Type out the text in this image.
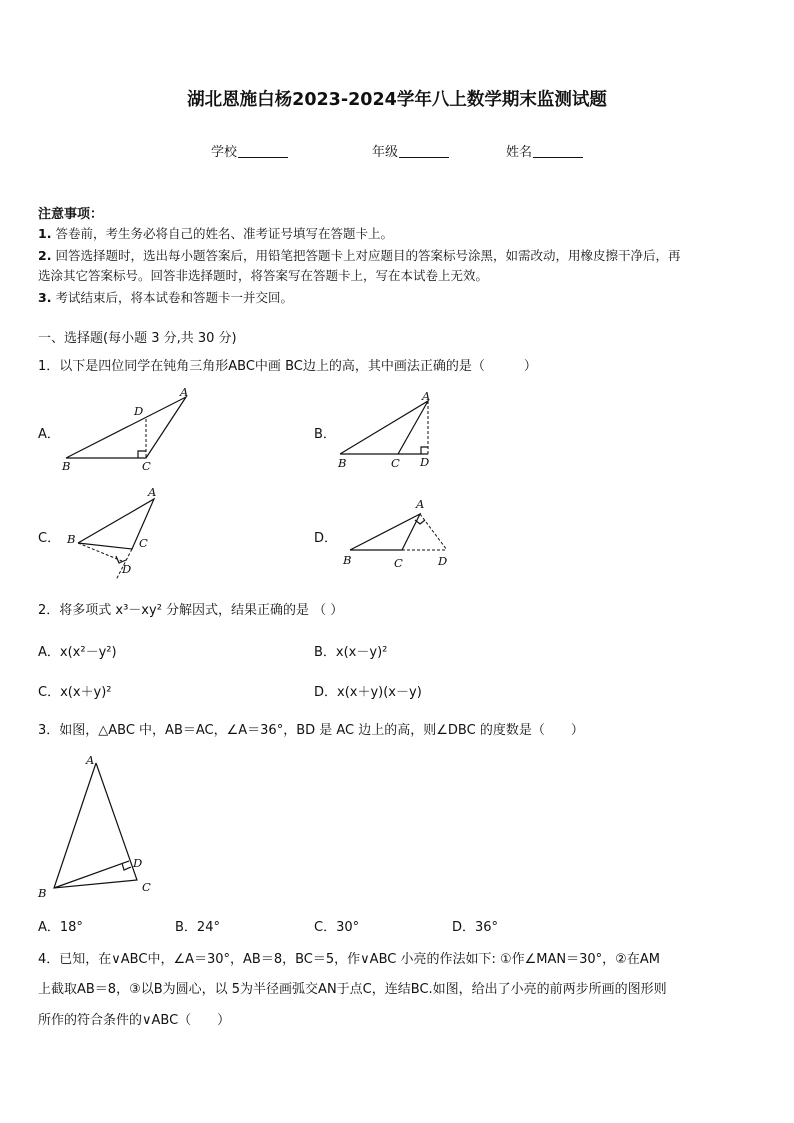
湖北恩施白杨2023-2024学年八上数学期末监测试题
学校	年级	姓名
注意事项：
1. 答卷前，考生务必将自己的姓名、准考证号填写在答题卡上。
2. 回答选择题时，选出每小题答案后，用铅笔把答题卡上对应题目的答案标号涂黑，如需改动，用橡皮擦干净后，再
选涂其它答案标号。回答非选择题时，将答案写在答题卡上，写在本试卷上无效。
3. 考试结束后，将本试卷和答题卡一并交回。
一、选择题(每小题 3 分,共 30 分)
1．以下是四位同学在钝角三角形ABC中画 BC边上的高，其中画法正确的是（　　　）
A．
A
D
B	C
A
B	C D
A
B	C
D
A
B	C	D
A
B	C
D
B．
C．	D．
2．将多项式 x³－xy² 分解因式，结果正确的是 （ ）
A．x(x²－y²)	B．x(x－y)²
C．x(x＋y)²	D．x(x＋y)(x－y)
3．如图，△ABC 中，AB＝AC，∠A＝36°，BD 是 AC 边上的高，则∠DBC 的度数是（　　）
A．18°	B．24°	C．30°	D．36°
4．已知，在∨ABC中，∠A＝30°，AB＝8，BC＝5，作∨ABC 小亮的作法如下: ①作∠MAN＝30°，②在AM
上截取AB＝8，③以B为圆心，以 5为半径画弧交AN于点C，连结BC.如图，给出了小亮的前两步所画的图形则
所作的符合条件的∨ABC（　　）
